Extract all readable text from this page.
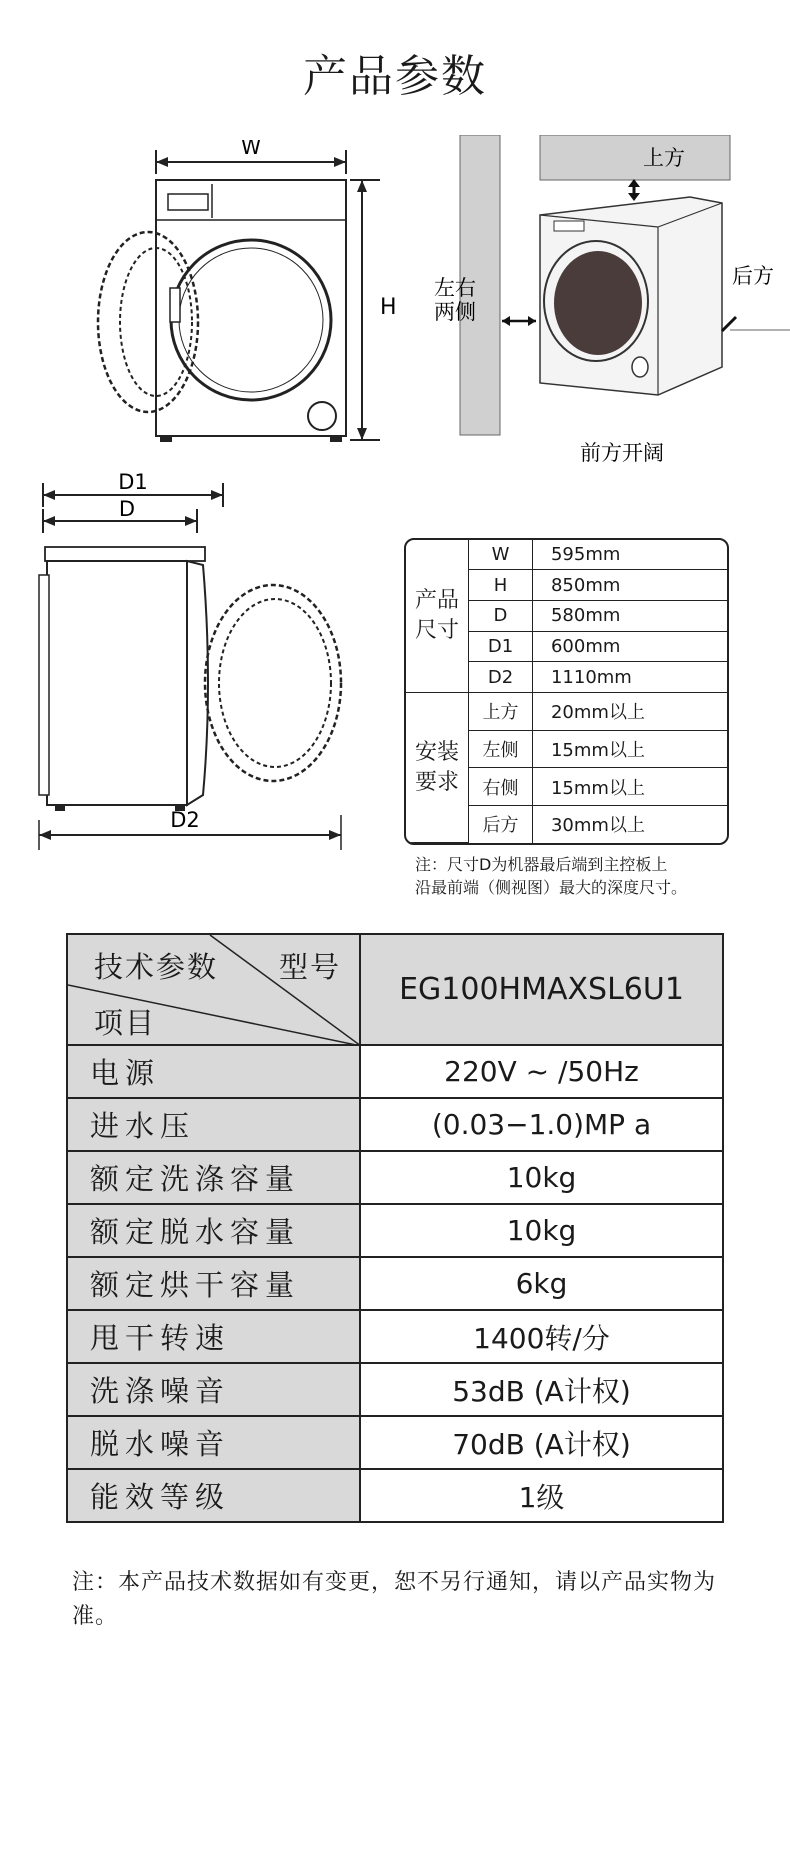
产品参数
W
H
上方
后方
左右
两侧
前方开阔
D1
D
D2
产品
尺寸	W	595mm
	H	850mm
	D	580mm
	D1	600mm
	D2	1110mm
安装
要求	上方	20mm以上
	左侧	15mm以上
	右侧	15mm以上
	后方	30mm以上
注：尺寸D为机器最后端到主控板上
沿最前端（侧视图）最大的深度尺寸。
技术参数 型号
项目	EG100HMAXSL6U1
电源	220V ~ /50Hz
进水压	(0.03−1.0)MP a
额定洗涤容量	10kg
额定脱水容量	10kg
额定烘干容量	6kg
甩干转速	1400转/分
洗涤噪音	53dB (A计权)
脱水噪音	70dB (A计权)
能效等级	1级
注：本产品技术数据如有变更，恕不另行通知，请以产品实物为准。
